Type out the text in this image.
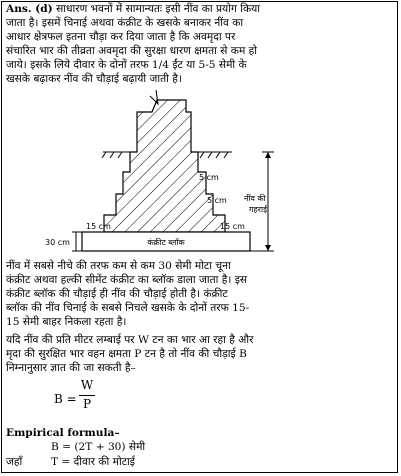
Ans. (d) साधारण भवनों में सामान्यतः इसी नींव का प्रयोग किया
जाता है। इसमें चिनाई अथवा कंक्रीट के खसके बनाकर नींव का
आधार क्षेत्रफल इतना चौड़ा कर दिया जाता है कि अवमृदा पर
संचारित भार की तीव्रता अवमृदा की सुरक्षा धारण क्षमता से कम हो
जाये। इसके लिये दीवार के दोनों तरफ 1/4 ईंट या 5-5 सेमी के
खसके बढ़ाकर नींव की चौड़ाई बढ़ायी जाती है।
कंक्रीट ब्लॉक
15 cm	15 cm
5 cm
5 cm
30 cm
नींव की
गहराई
नींव में सबसे नीचे की तरफ कम से कम 30 सेमी मोटा चूना
कंक्रीट अथवा हल्की सीमेंट कंक्रीट का ब्लॉक डाला जाता है। इस
कंक्रीट ब्लॉक की चौड़ाई ही नींव की चौड़ाई होती है। कंक्रीट
ब्लॉक की नींव चिनाई के सबसे निचले खसके के दोनों तरफ 15-
15 सेमी बाहर निकला रहता है।
यदि नींव की प्रति मीटर लम्बाई पर W टन का भार आ रहा है और
मृदा की सुरक्षित भार वहन क्षमता P टन है तो नींव की चौड़ाई B
निम्नानुसार ज्ञात की जा सकती है–
B =
W
P
Empirical formula–
B = (2T + 30) सेमी
जहाँ	T = दीवार की मोटाई
